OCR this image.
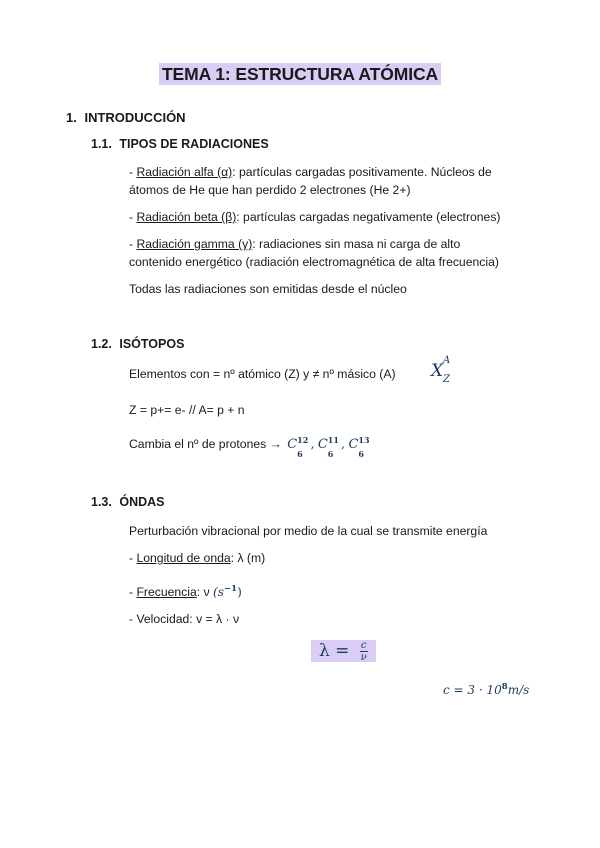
TEMA 1: ESTRUCTURA ATÓMICA
1. INTRODUCCIÓN
1.1. TIPOS DE RADIACIONES
- Radiación alfa (α): partículas cargadas positivamente. Núcleos de
átomos de He que han perdido 2 electrones (He 2+)
- Radiación beta (β): partículas cargadas negativamente (electrones)
- Radiación gamma (γ): radiaciones sin masa ni carga de alto
contenido energético (radiación electromagnética de alta frecuencia)
Todas las radiaciones son emitidas desde el núcleo
1.2. ISÓTOPOS
Elementos con = nº atómico (Z) y ≠ nº másico (A) X
A
Z
Z = p+= e- // A= p + n
Cambia el nº de protones → C 12
6
, C 11
6
, C 13
6
1.3. ÓNDAS
Perturbación vibracional por medio de la cual se transmite energía
- Longitud de onda: λ (m)
- Frecuencia: ν $(s^{-1})$
- Velocidad: v = λ · ν
$\lambda = \frac{c}{\nu}$
$c = 3 \cdot 10^8m/s$
